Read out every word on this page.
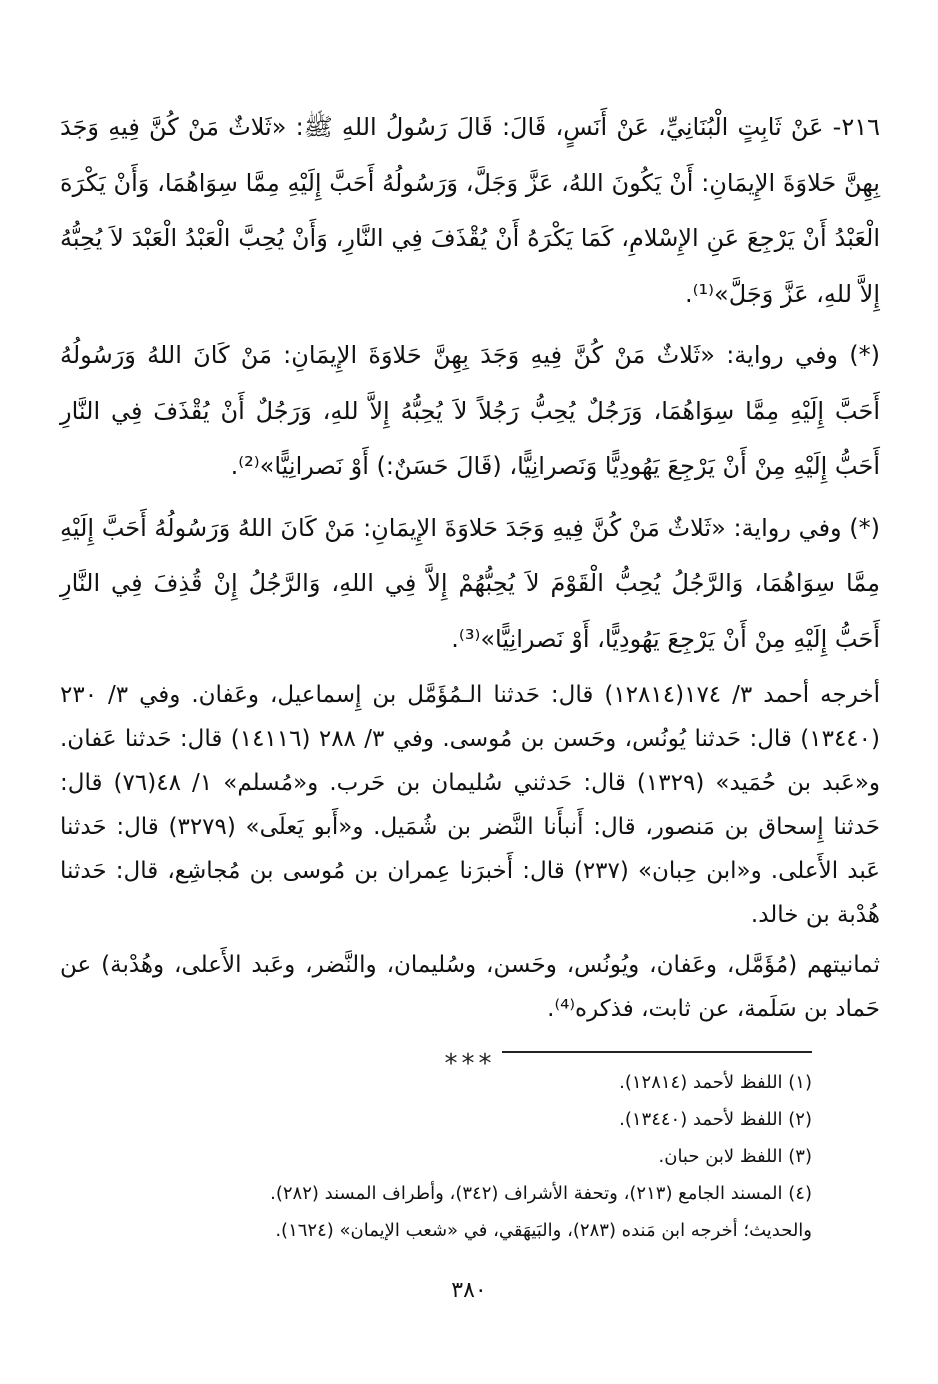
٢١٦- عَنْ ثَابِتٍ الْبُنَانِيِّ، عَنْ أَنَسٍ، قَالَ: قَالَ رَسُولُ اللهِ ﷺ: «ثَلاثٌ مَنْ كُنَّ فِيهِ وَجَدَ بِهِنَّ حَلاوَةَ الإِيمَانِ: أَنْ يَكُونَ اللهُ، عَزَّ وَجَلَّ، وَرَسُولُهُ أَحَبَّ إِلَيْهِ مِمَّا سِوَاهُمَا، وَأَنْ يَكْرَهَ الْعَبْدُ أَنْ يَرْجِعَ عَنِ الإِسْلامِ، كَمَا يَكْرَهُ أَنْ يُقْذَفَ فِي النَّارِ، وَأَنْ يُحِبَّ الْعَبْدُ الْعَبْدَ لاَ يُحِبُّهُ إِلاَّ للهِ، عَزَّ وَجَلَّ»⁽¹⁾.

(*) وفي رواية: «ثَلاثٌ مَنْ كُنَّ فِيهِ وَجَدَ بِهِنَّ حَلاوَةَ الإِيمَانِ: مَنْ كَانَ اللهُ وَرَسُولُهُ أَحَبَّ إِلَيْهِ مِمَّا سِوَاهُمَا، وَرَجُلٌ يُحِبُّ رَجُلاً لاَ يُحِبُّهُ إِلاَّ للهِ، وَرَجُلٌ أَنْ يُقْذَفَ فِي النَّارِ أَحَبُّ إِلَيْهِ مِنْ أَنْ يَرْجِعَ يَهُودِيًّا وَنَصرانِيًّا، (قَالَ حَسَنٌ:) أَوْ نَصرانِيًّا»⁽²⁾.

(*) وفي رواية: «ثَلاثٌ مَنْ كُنَّ فِيهِ وَجَدَ حَلاوَةَ الإِيمَانِ: مَنْ كَانَ اللهُ وَرَسُولُهُ أَحَبَّ إِلَيْهِ مِمَّا سِوَاهُمَا، وَالرَّجُلُ يُحِبُّ الْقَوْمَ لاَ يُحِبُّهُمْ إِلاَّ فِي اللهِ، وَالرَّجُلُ إِنْ قُذِفَ فِي النَّارِ أَحَبُّ إِلَيْهِ مِنْ أَنْ يَرْجِعَ يَهُودِيًّا، أَوْ نَصرانِيًّا»⁽³⁾.

أخرجه أحمد ٣/ ١٧٤(١٢٨١٤) قال: حَدثنا الـمُؤَمَّل بن إِسماعيل، وعَفان. وفي ٣/ ٢٣٠ (١٣٤٤٠) قال: حَدثنا يُونُس، وحَسن بن مُوسى. وفي ٣/ ٢٨٨ (١٤١١٦) قال: حَدثنا عَفان. و«عَبد بن حُمَيد» (١٣٢٩) قال: حَدثني سُليمان بن حَرب. و«مُسلم» ١/ ٤٨(٧٦) قال: حَدثنا إِسحاق بن مَنصور، قال: أَنبأَنا النَّضر بن شُمَيل. و«أَبو يَعلَى» (٣٢٧٩) قال: حَدثنا عَبد الأَعلى. و«ابن حِبان» (٢٣٧) قال: أَخبرَنا عِمران بن مُوسى بن مُجاشِع، قال: حَدثنا هُدْبة بن خالد.

ثمانيتهم (مُؤَمَّل، وعَفان، ويُونُس، وحَسن، وسُليمان، والنَّضر، وعَبد الأَعلى، وهُدْبة) عن حَماد بن سَلَمة، عن ثابت، فذكره⁽⁴⁾.

***

(١) اللفظ لأحمد (١٢٨١٤).

(٢) اللفظ لأحمد (١٣٤٤٠).

(٣) اللفظ لابن حبان.

(٤) المسند الجامع (٢١٣)، وتحفة الأشراف (٣٤٢)، وأطراف المسند (٢٨٢).

والحديث؛ أخرجه ابن مَنده (٢٨٣)، والبَيهَقي، في «شعب الإيمان» (١٦٢٤).

٣٨٠
